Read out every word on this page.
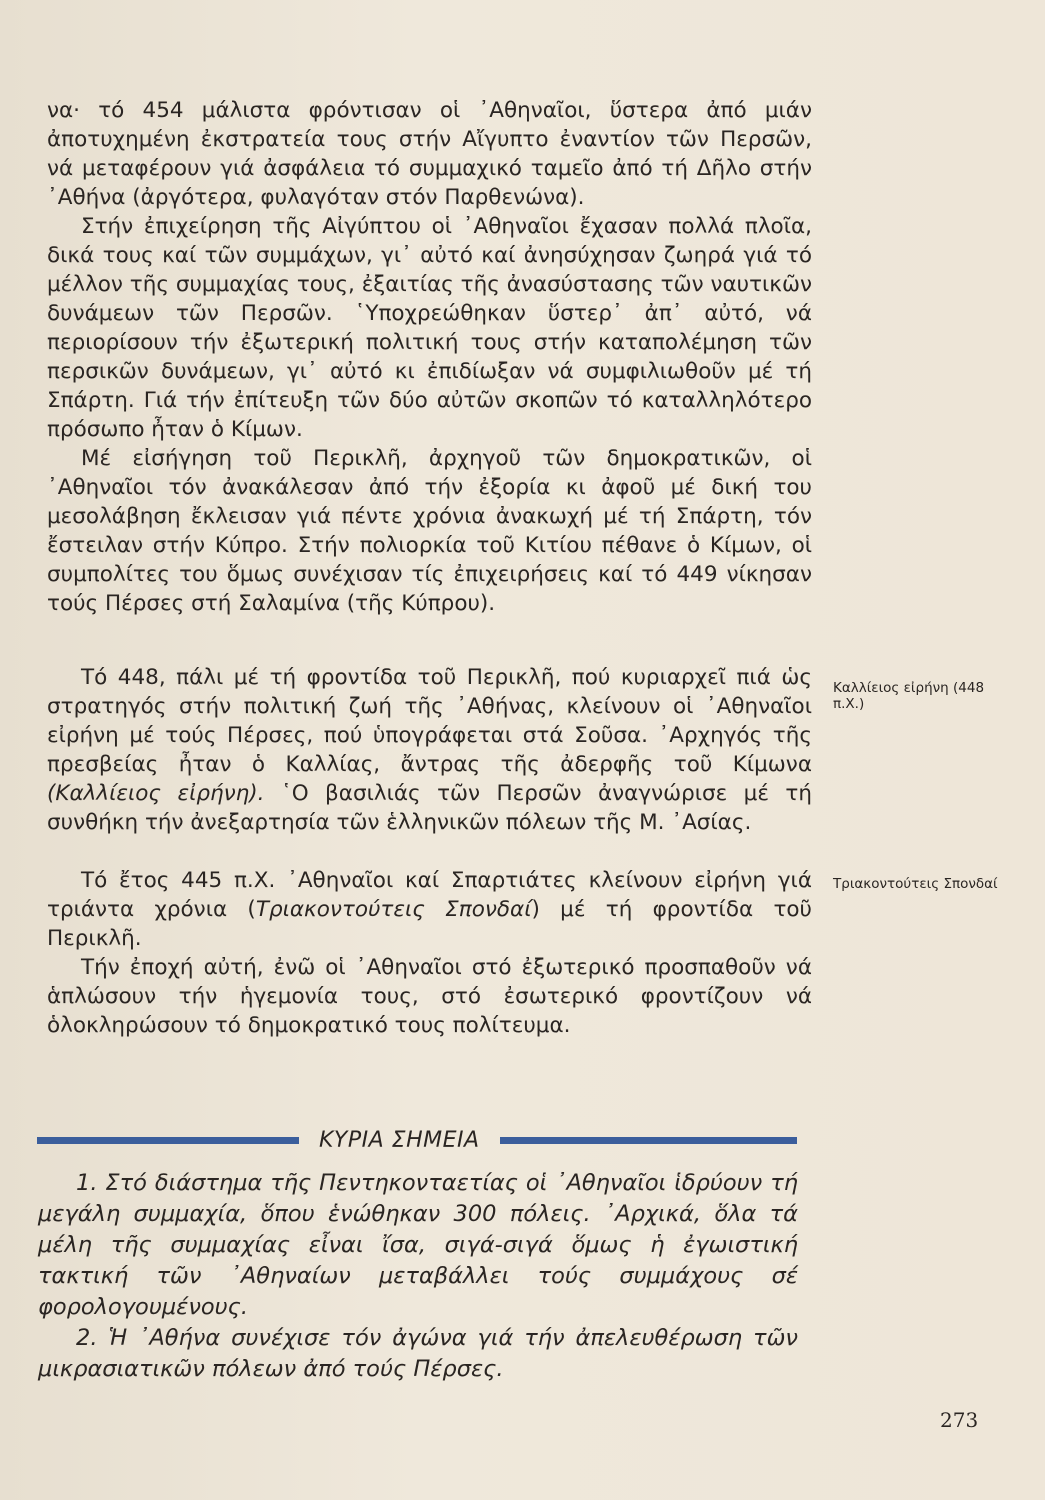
να· τό 454 μάλιστα φρόντισαν οἱ ᾿Αθηναῖοι, ὕστερα ἀπό μιάν ἀποτυχημένη ἐκστρατεία τους στήν Αἴγυπτο ἐναντίον τῶν Περσῶν, νά μεταφέρουν γιά ἀσφάλεια τό συμμαχικό ταμεῖο ἀπό τή Δῆλο στήν ᾿Αθήνα (ἀργότερα, φυλαγόταν στόν Παρθενώνα).

Στήν ἐπιχείρηση τῆς Αἰγύπτου οἱ ᾿Αθηναῖοι ἔχασαν πολλά πλοῖα, δικά τους καί τῶν συμμάχων, γι᾿ αὐτό καί ἀνησύχησαν ζωηρά γιά τό μέλλον τῆς συμμαχίας τους, ἐξαιτίας τῆς ἀνασύστασης τῶν ναυτικῶν δυνάμεων τῶν Περσῶν. ῾Υποχρεώθηκαν ὕστερ᾿ ἀπ᾿ αὐτό, νά περιορίσουν τήν ἐξωτερική πολιτική τους στήν καταπολέμηση τῶν περσικῶν δυνάμεων, γι᾿ αὐτό κι ἐπιδίωξαν νά συμφιλιωθοῦν μέ τή Σπάρτη. Γιά τήν ἐπίτευξη τῶν δύο αὐτῶν σκοπῶν τό καταλληλότερο πρόσωπο ἦταν ὁ Κίμων.

Μέ εἰσήγηση τοῦ Περικλῆ, ἀρχηγοῦ τῶν δημοκρατικῶν, οἱ ᾿Αθηναῖοι τόν ἀνακάλεσαν ἀπό τήν ἐξορία κι ἀφοῦ μέ δική του μεσολάβηση ἔκλεισαν γιά πέντε χρόνια ἀνακωχή μέ τή Σπάρτη, τόν ἔστειλαν στήν Κύπρο. Στήν πολιορκία τοῦ Κιτίου πέθανε ὁ Κίμων, οἱ συμπολίτες του ὅμως συνέχισαν τίς ἐπιχειρήσεις καί τό 449 νίκησαν τούς Πέρσες στή Σαλαμίνα (τῆς Κύπρου).

Τό 448, πάλι μέ τή φροντίδα τοῦ Περικλῆ, πού κυριαρχεῖ πιά ὡς στρατηγός στήν πολιτική ζωή τῆς ᾿Αθήνας, κλείνουν οἱ ᾿Αθηναῖοι εἰρήνη μέ τούς Πέρσες, πού ὑπογράφεται στά Σοῦσα. ᾿Αρχηγός τῆς πρεσβείας ἦταν ὁ Καλλίας, ἄντρας τῆς ἀδερφῆς τοῦ Κίμωνα (Καλλίειος εἰρήνη). ῾Ο βασιλιάς τῶν Περσῶν ἀναγνώρισε μέ τή συνθήκη τήν ἀνεξαρτησία τῶν ἑλληνικῶν πόλεων τῆς Μ. ᾿Ασίας.

Τό ἔτος 445 π.Χ. ᾿Αθηναῖοι καί Σπαρτιάτες κλείνουν εἰρήνη γιά τριάντα χρόνια (Τριακοντούτεις Σπονδαί) μέ τή φροντίδα τοῦ Περικλῆ.

Τήν ἐποχή αὐτή, ἐνῶ οἱ ᾿Αθηναῖοι στό ἐξωτερικό προσπαθοῦν νά ἁπλώσουν τήν ἡγεμονία τους, στό ἐσωτερικό φροντίζουν νά ὁλοκληρώσουν τό δημοκρατικό τους πολίτευμα.

Καλλίειος εἰρήνη (448 π.Χ.)
Τριακοντούτεις Σπονδαί
ΚΥΡΙΑ ΣΗΜΕΙΑ

1. Στό διάστημα τῆς Πεντηκονταετίας οἱ ᾿Αθηναῖοι ἱδρύουν τή μεγάλη συμμαχία, ὅπου ἑνώθηκαν 300 πόλεις. ᾿Αρχικά, ὅλα τά μέλη τῆς συμμαχίας εἶναι ἴσα, σιγά-σιγά ὅμως ἡ ἐγωιστική τακτική τῶν ᾿Αθηναίων μεταβάλλει τούς συμμάχους σέ φορολογουμένους.

2. Ἡ ᾿Αθήνα συνέχισε τόν ἀγώνα γιά τήν ἀπελευθέρωση τῶν μικρασιατικῶν πόλεων ἀπό τούς Πέρσες.

273
